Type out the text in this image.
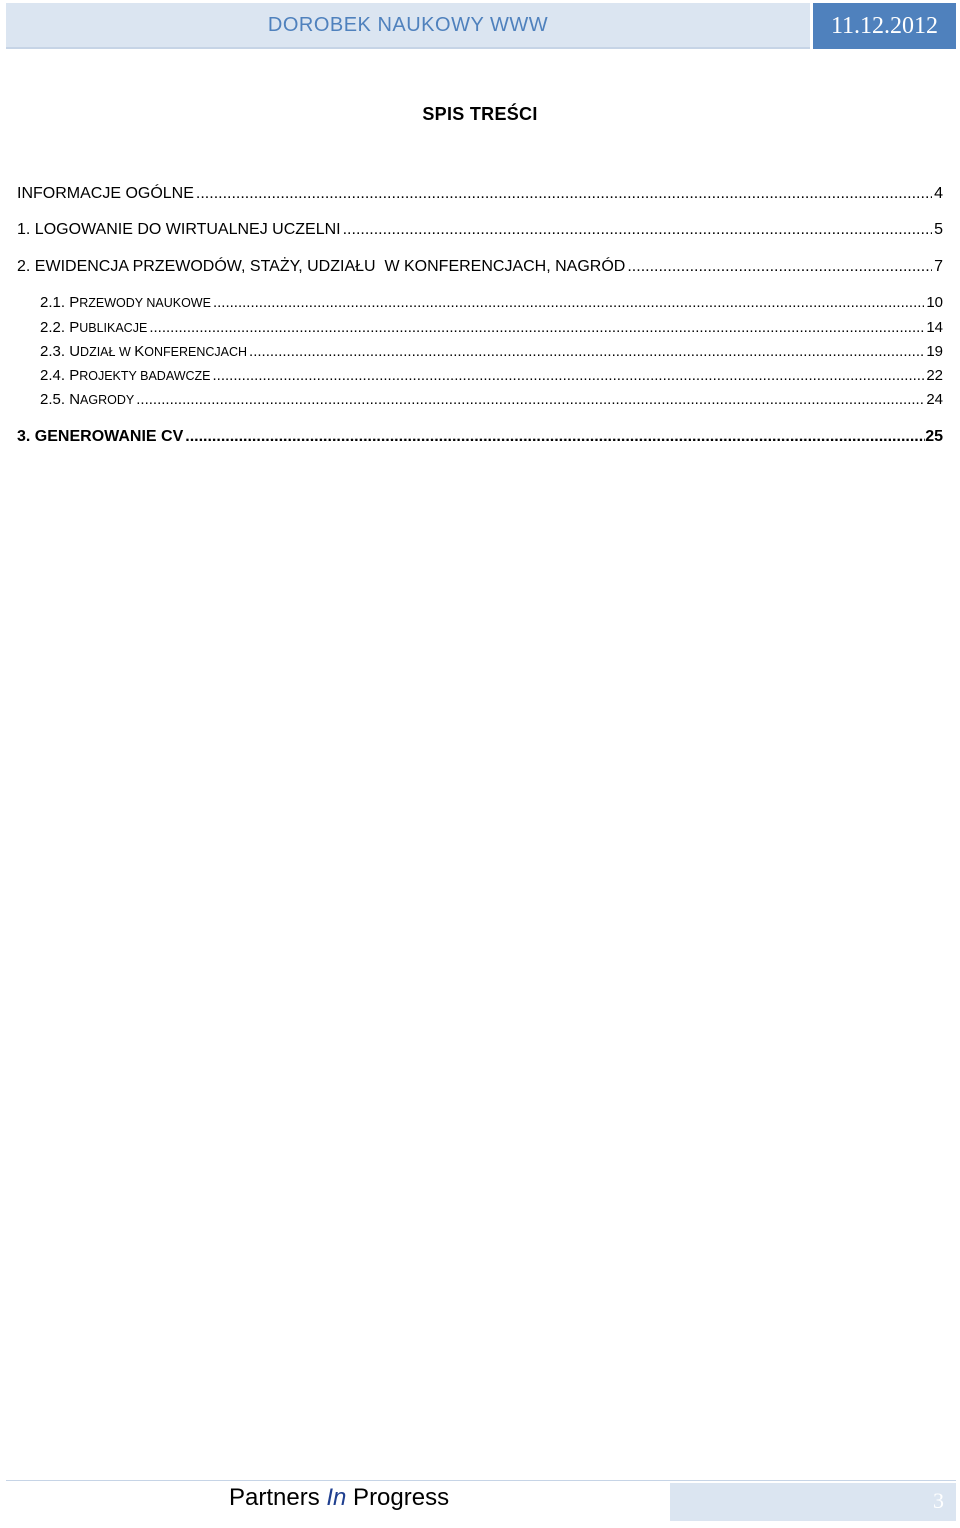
DOROBEK NAUKOWY WWW	11.12.2012
SPIS TREŚCI
INFORMACJE OGÓLNE .....	4
1. LOGOWANIE DO WIRTUALNEJ UCZELNI .....	5
2. EWIDENCJA PRZEWODÓW, STAŻY, UDZIAŁU  W KONFERENCJACH, NAGRÓD .....	7
2.1. PRZEWODY NAUKOWE .....	10
2.2. PUBLIKACJE .....	14
2.3. UDZIAŁ W KONFERENCJACH .....	19
2.4. PROJEKTY BADAWCZE .....	22
2.5. NAGRODY .....	24
3. GENEROWANIE CV .....	25
Partners In Progress	3
